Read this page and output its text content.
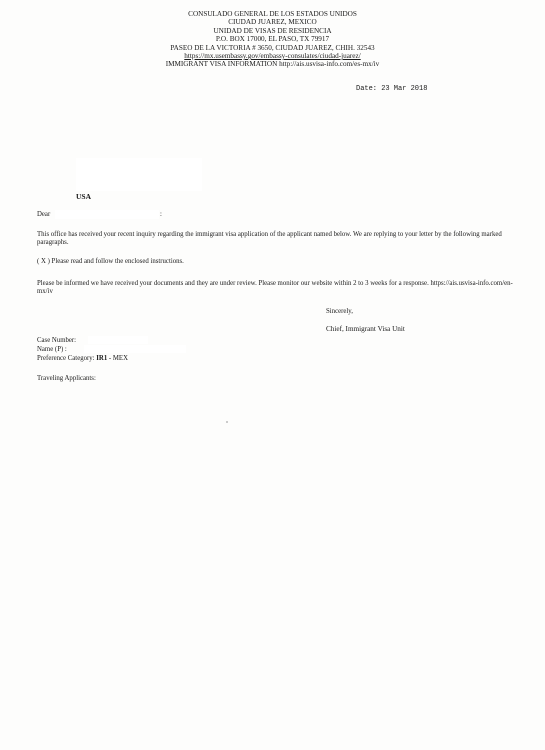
CONSULADO GENERAL DE LOS ESTADOS UNIDOS
CIUDAD JUAREZ, MEXICO
UNIDAD DE VISAS DE RESIDENCIA
P.O. BOX 17000, EL PASO, TX 79917
PASEO DE LA VICTORIA # 3650, CIUDAD JUAREZ, CHIH. 32543
https://mx.usembassy.gov/embassy-consulates/ciudad-juarez/
IMMIGRANT VISA INFORMATION http://ais.usvisa-info.com/es-mx/iv
Date: 23 Mar 2018
USA
Dear	:
This office has received your recent inquiry regarding the immigrant visa application of the applicant named below. We are replying to your letter by the following marked paragraphs.
( X ) Please read and follow the enclosed instructions.
Please be informed we have received your documents and they are under review. Please monitor our website within 2 to 3 weeks for a response. https://ais.usvisa-info.com/en-mx/iv
Sincerely,
Chief, Immigrant Visa Unit
Case Number:
Name (P) :
Preference Category: IR1 - MEX
Traveling Applicants:
